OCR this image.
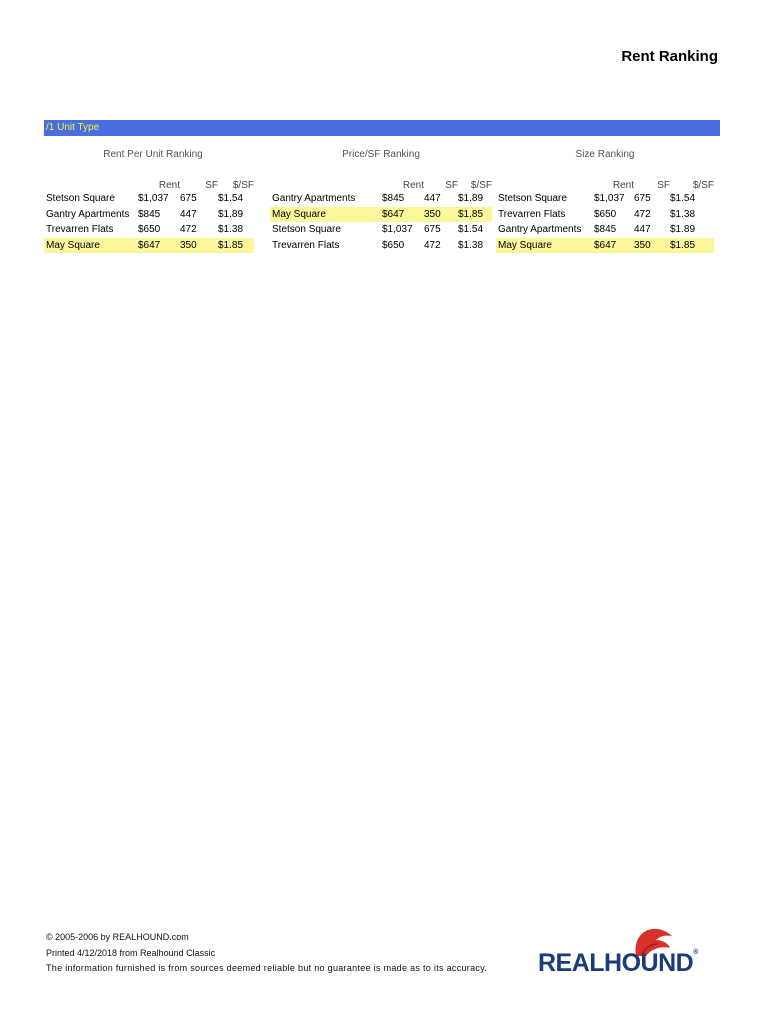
Rent Ranking
/1 Unit Type
Rent Per Unit Ranking
	Rent	SF	$/SF
Stetson Square	$1,037	675	$1.54
Gantry Apartments	$845	447	$1.89
Trevarren Flats	$650	472	$1.38
May Square	$647	350	$1.85
Price/SF Ranking
	Rent	SF	$/SF
Gantry Apartments	$845	447	$1.89
May Square	$647	350	$1.85
Stetson Square	$1,037	675	$1.54
Trevarren Flats	$650	472	$1.38
Size Ranking
	Rent	SF	$/SF
Stetson Square	$1,037	675	$1.54
Trevarren Flats	$650	472	$1.38
Gantry Apartments	$845	447	$1.89
May Square	$647	350	$1.85
© 2005-2006 by REALHOUND.com
Printed 4/12/2018 from Realhound Classic
The information furnished is from sources deemed reliable but no guarantee is made as to its accuracy. REALHOUND®
